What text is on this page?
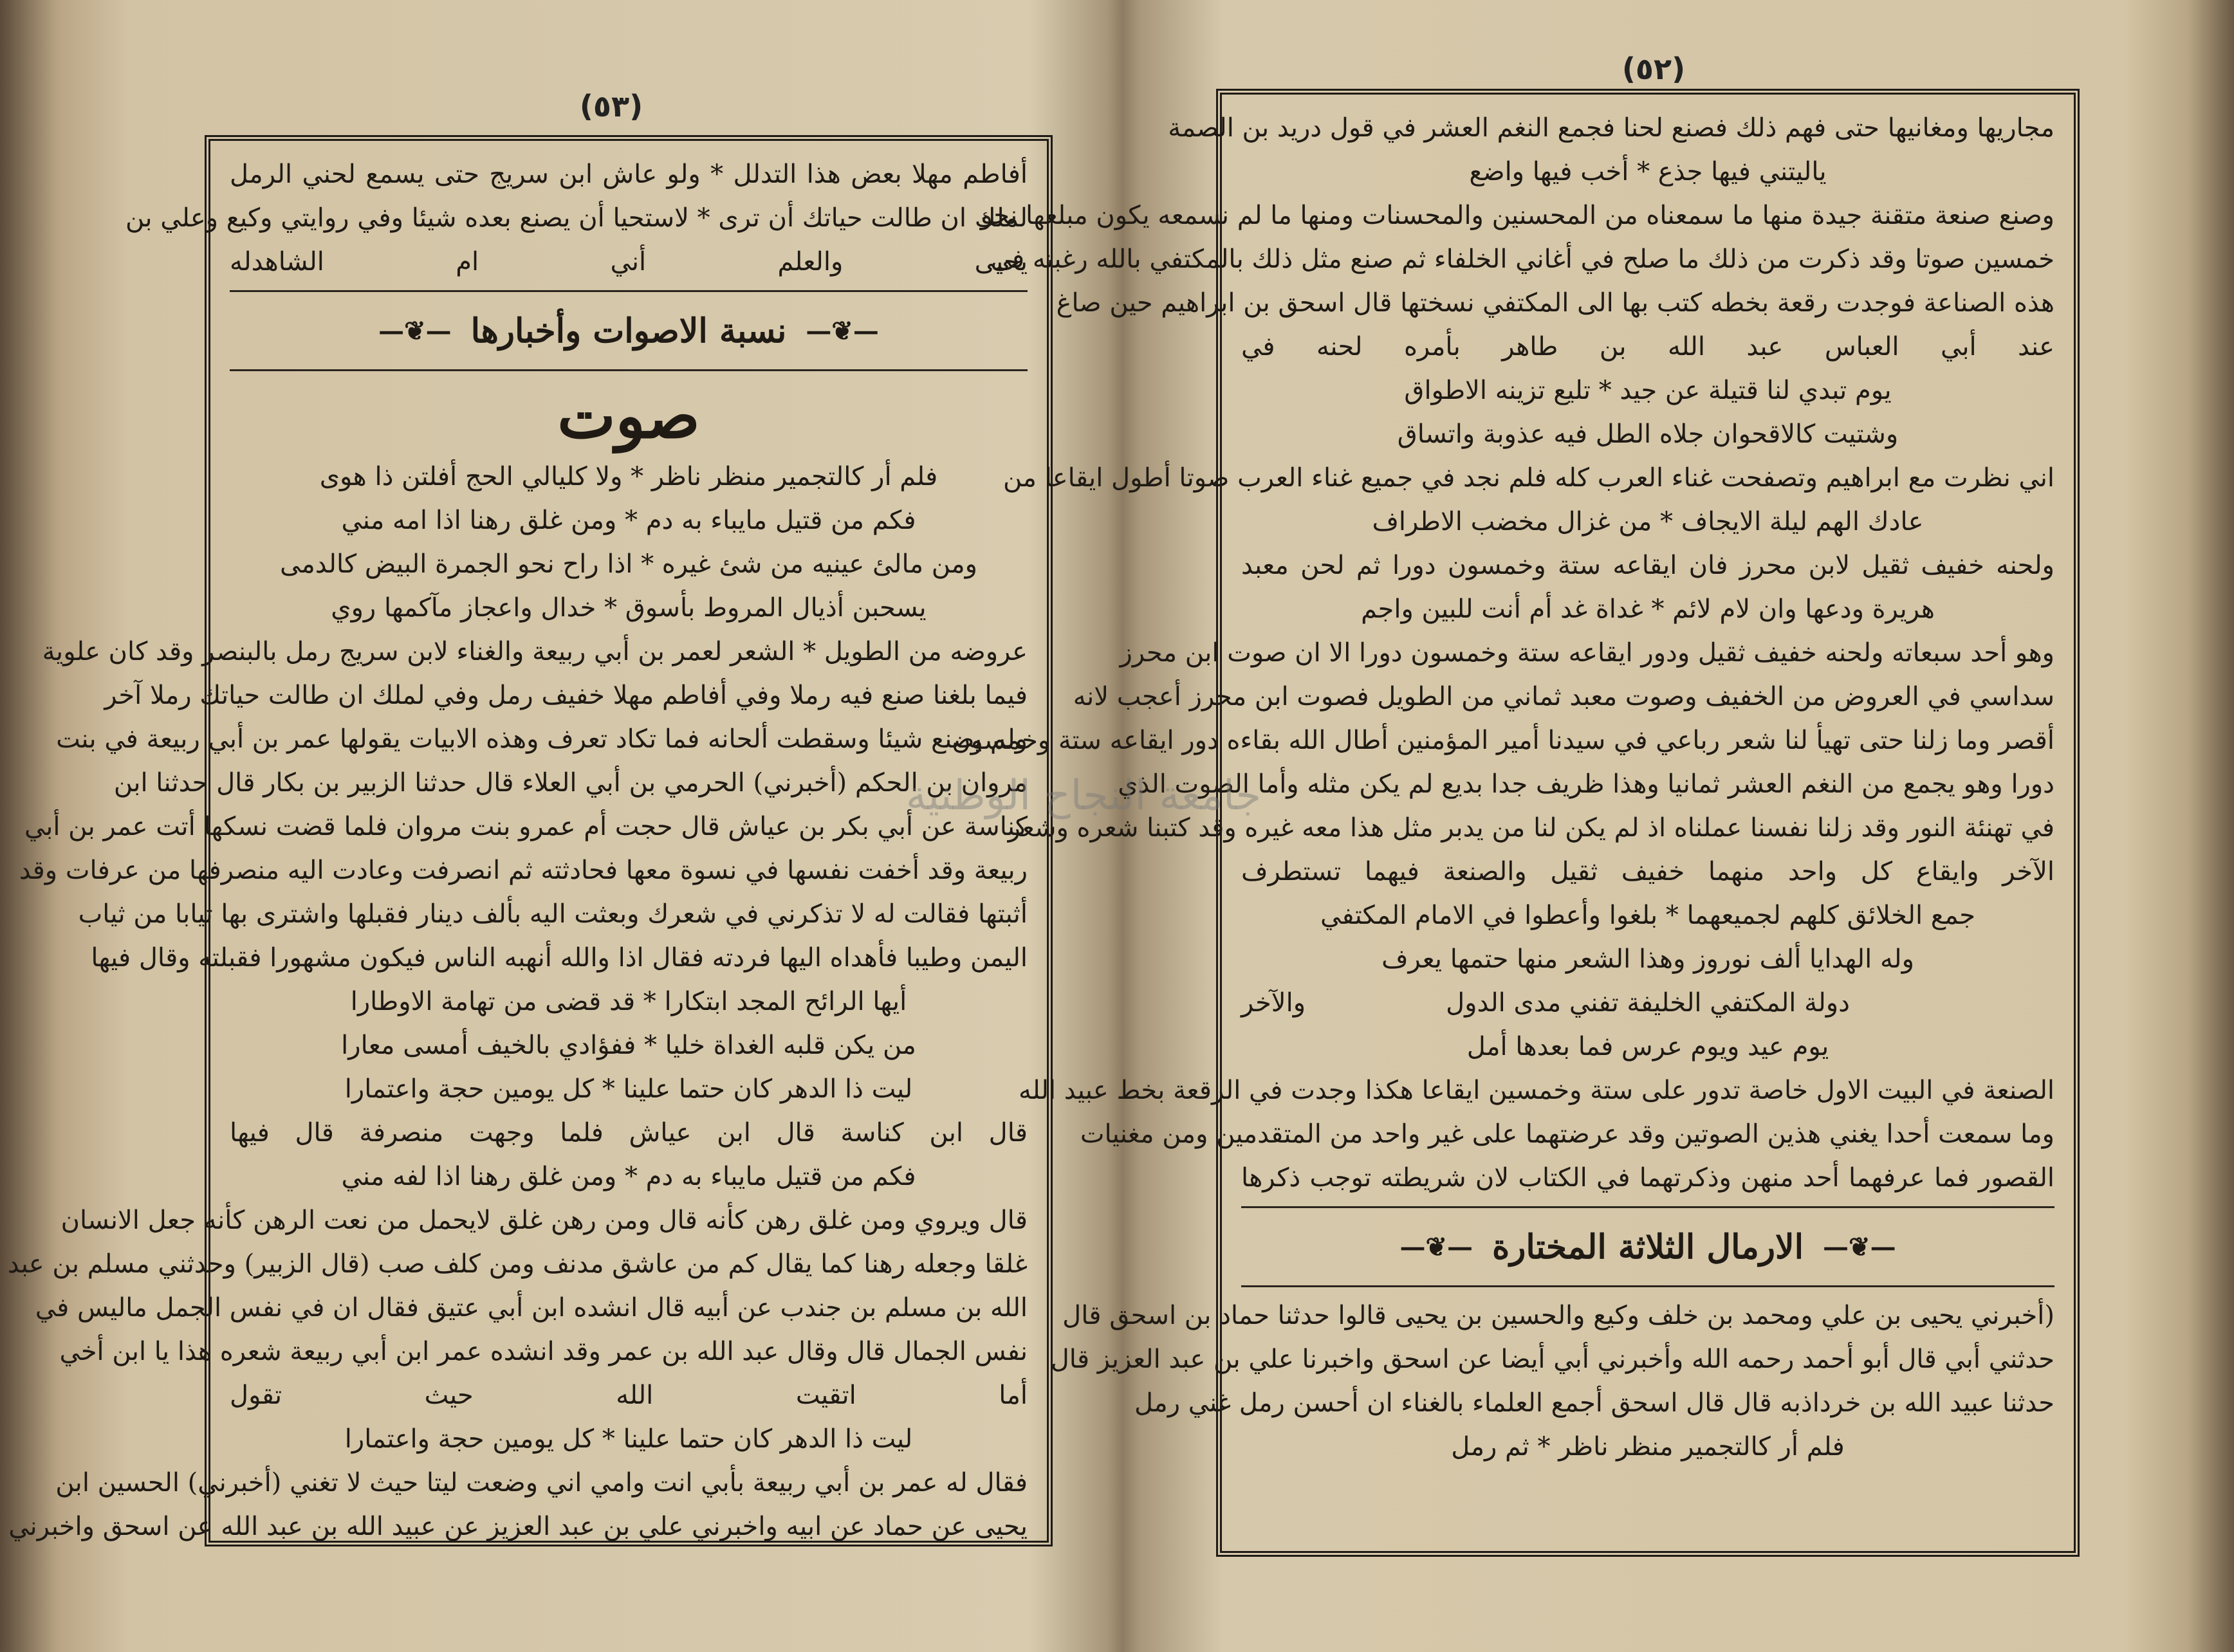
(٥٣)
أفاطم مهلا بعض هذا التدلل * ولو عاش ابن سريج حتى يسمع لحني الرمل
لملك ان طالت حياتك أن ترى * لاستحيا أن يصنع بعده شيئا وفي روايتي وكيع وعلي بن
يحيى والعلم أني ام الشاهدله
—❦—
نسبة الاصوات وأخبارها
—❦—
صوت
فلم أر كالتجمير منظر ناظر * ولا كليالي الحج أفلتن ذا هوى
فكم من قتيل مايباء به دم * ومن غلق رهنا اذا امه مني
ومن مالئ عينيه من شئ غيره * اذا راح نحو الجمرة البيض كالدمى
يسحبن أذيال المروط بأسوق * خدال واعجاز مآكمها روي
عروضه من الطويل * الشعر لعمر بن أبي ربيعة والغناء لابن سريج رمل بالبنصر وقد كان علوية
فيما بلغنا صنع فيه رملا وفي أفاطم مهلا خفيف رمل وفي لملك ان طالت حياتك رملا آخر
ولم يصنع شيئا وسقطت ألحانه فما تكاد تعرف وهذه الابيات يقولها عمر بن أبي ربيعة في بنت
مروان بن الحكم (أخبرني) الحرمي بن أبي العلاء قال حدثنا الزبير بن بكار قال حدثنا ابن
كناسة عن أبي بكر بن عياش قال حجت أم عمرو بنت مروان فلما قضت نسكها أتت عمر بن أبي
ربيعة وقد أخفت نفسها في نسوة معها فحادثته ثم انصرفت وعادت اليه منصرفها من عرفات وقد
أثبتها فقالت له لا تذكرني في شعرك وبعثت اليه بألف دينار فقبلها واشترى بها ثيابا من ثياب
اليمن وطيبا فأهداه اليها فردته فقال اذا والله أنهبه الناس فيكون مشهورا فقبلته وقال فيها
أيها الرائح المجد ابتكارا * قد قضى من تهامة الاوطارا
من يكن قلبه الغداة خليا * ففؤادي بالخيف أمسى معارا
ليت ذا الدهر كان حتما علينا * كل يومين حجة واعتمارا
قال ابن كناسة قال ابن عياش فلما وجهت منصرفة قال فيها
فكم من قتيل مايباء به دم * ومن غلق رهنا اذا لفه مني
قال ويروي ومن غلق رهن كأنه قال ومن رهن غلق لايحمل من نعت الرهن كأنه جعل الانسان
غلقا وجعله رهنا كما يقال كم من عاشق مدنف ومن كلف صب (قال الزبير) وحدثني مسلم بن عبد
الله بن مسلم بن جندب عن أبيه قال انشده ابن أبي عتيق فقال ان في نفس الجمل ماليس في
نفس الجمال قال وقال عبد الله بن عمر وقد انشده عمر ابن أبي ربيعة شعره هذا يا ابن أخي
أما اتقيت الله حيث تقول
ليت ذا الدهر كان حتما علينا * كل يومين حجة واعتمارا
فقال له عمر بن أبي ربيعة بأبي انت وامي اني وضعت ليتا حيث لا تغني (أخبرني) الحسين ابن
يحيى عن حماد عن ابيه واخبرني علي بن عبد العزيز عن عبيد الله بن عبد الله عن اسحق واخبرني
(٥٢)
مجاريها ومغانيها حتى فهم ذلك فصنع لحنا فجمع النغم العشر في قول دريد بن الصمة
ياليتني فيها جذع * أخب فيها واضع
وصنع صنعة متقنة جيدة منها ما سمعناه من المحسنين والمحسنات ومنها ما لم نسمعه يكون مبلغها نحو
خمسين صوتا وقد ذكرت من ذلك ما صلح في أغاني الخلفاء ثم صنع مثل ذلك بالمكتفي بالله رغبته في
هذه الصناعة فوجدت رقعة بخطه كتب بها الى المكتفي نسختها قال اسحق بن ابراهيم حين صاغ
عند أبي العباس عبد الله بن طاهر بأمره لحنه في
يوم تبدي لنا قتيلة عن جيد * تليع تزينه الاطواق
وشتيت كالاقحوان جلاه الطل فيه عذوبة واتساق
اني نظرت مع ابراهيم وتصفحت غناء العرب كله فلم نجد في جميع غناء العرب صوتا أطول ايقاعا من
عادك الهم ليلة الايجاف * من غزال مخضب الاطراف
ولحنه خفيف ثقيل لابن محرز فان ايقاعه ستة وخمسون دورا ثم لحن معبد
هريرة ودعها وان لام لائم * غداة غد أم أنت للبين واجم
وهو أحد سبعاته ولحنه خفيف ثقيل ودور ايقاعه ستة وخمسون دورا الا ان صوت ابن محرز
سداسي في العروض من الخفيف وصوت معبد ثماني من الطويل فصوت ابن محرز أعجب لانه
أقصر وما زلنا حتى تهيأ لنا شعر رباعي في سيدنا أمير المؤمنين أطال الله بقاءه دور ايقاعه ستة وخمسون
دورا وهو يجمع من النغم العشر ثمانيا وهذا ظريف جدا بديع لم يكن مثله وأما الصوت الذي
في تهنئة النور وقد زلنا نفسنا عملناه اذ لم يكن لنا من يدبر مثل هذا معه غيره وقد كتبنا شعره وشعر
الآخر وايقاع كل واحد منهما خفيف ثقيل والصنعة فيهما تستطرف
جمع الخلائق كلهم لجميعهما * بلغوا وأعطوا في الامام المكتفي
وله الهدايا ألف نوروز وهذا الشعر منها حتمها يعرف
والآخر	دولة المكتفي الخليفة تفني مدى الدول
يوم عيد ويوم عرس فما بعدها أمل
الصنعة في البيت الاول خاصة تدور على ستة وخمسين ايقاعا هكذا وجدت في الرقعة بخط عبيد الله
وما سمعت أحدا يغني هذين الصوتين وقد عرضتهما على غير واحد من المتقدمين ومن مغنيات
القصور فما عرفهما أحد منهن وذكرتهما في الكتاب لان شريطته توجب ذكرها
—❦—
الارمال الثلاثة المختارة
—❦—
(أخبرني يحيى بن علي ومحمد بن خلف وكيع والحسين بن يحيى قالوا حدثنا حماد بن اسحق قال
حدثني أبي قال أبو أحمد رحمه الله وأخبرني أبي أيضا عن اسحق واخبرنا علي بن عبد العزيز قال
حدثنا عبيد الله بن خرداذبه قال قال اسحق أجمع العلماء بالغناء ان أحسن رمل غني رمل
فلم أر كالتجمير منظر ناظر * ثم رمل
جامعة النجاح الوطنية
